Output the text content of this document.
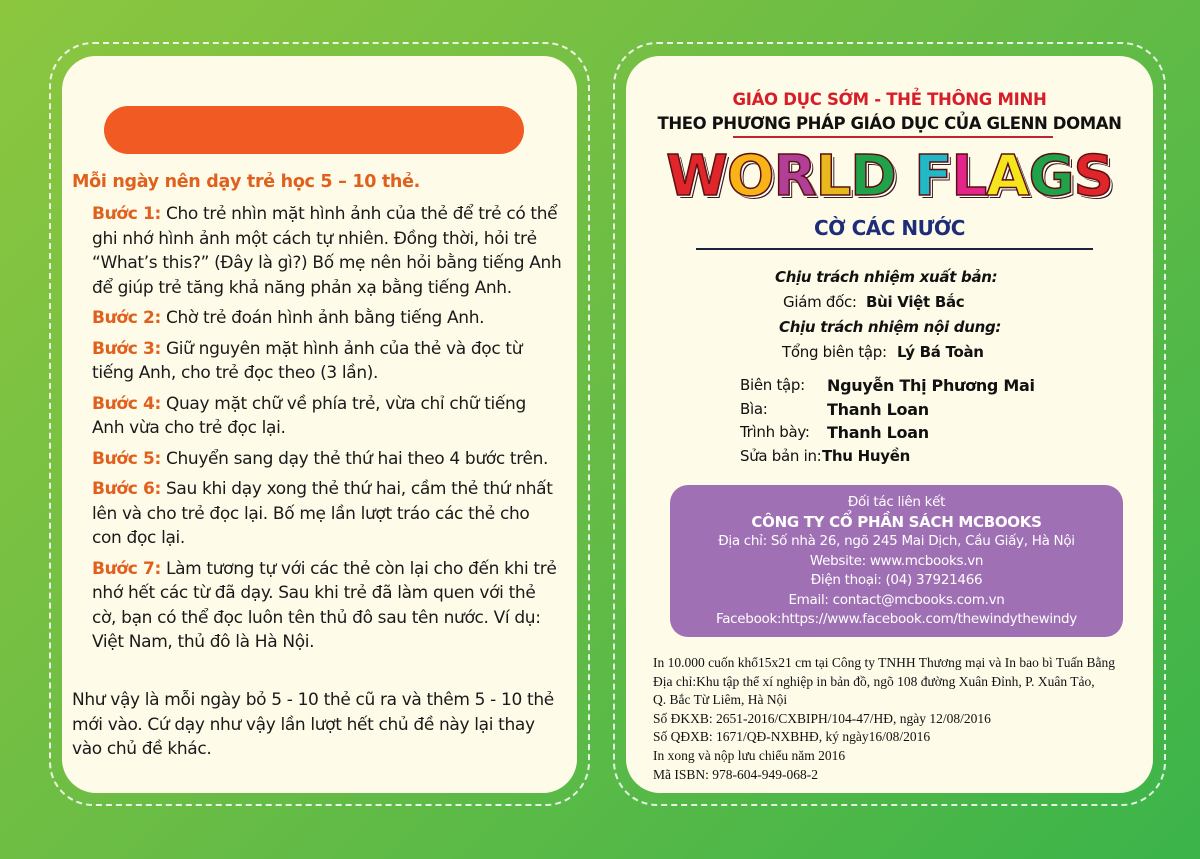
Mỗi ngày nên dạy trẻ học 5 – 10 thẻ.
Bước 1: Cho trẻ nhìn mặt hình ảnh của thẻ để trẻ có thể ghi nhớ hình ảnh một cách tự nhiên. Đồng thời, hỏi trẻ “What’s this?” (Đây là gì?) Bố mẹ nên hỏi bằng tiếng Anh để giúp trẻ tăng khả năng phản xạ bằng tiếng Anh.
Bước 2: Chờ trẻ đoán hình ảnh bằng tiếng Anh.
Bước 3: Giữ nguyên mặt hình ảnh của thẻ và đọc từ tiếng Anh, cho trẻ đọc theo (3 lần).
Bước 4: Quay mặt chữ về phía trẻ, vừa chỉ chữ tiếng Anh vừa cho trẻ đọc lại.
Bước 5: Chuyển sang dạy thẻ thứ hai theo 4 bước trên.
Bước 6: Sau khi dạy xong thẻ thứ hai, cầm thẻ thứ nhất lên và cho trẻ đọc lại. Bố mẹ lần lượt tráo các thẻ cho con đọc lại.
Bước 7: Làm tương tự với các thẻ còn lại cho đến khi trẻ nhớ hết các từ đã dạy. Sau khi trẻ đã làm quen với thẻ cờ, bạn có thể đọc luôn tên thủ đô sau tên nước. Ví dụ: Việt Nam, thủ đô là Hà Nội.
Như vậy là mỗi ngày bỏ 5 - 10 thẻ cũ ra và thêm 5 - 10 thẻ mới vào. Cứ dạy như vậy lần lượt hết chủ đề này lại thay vào chủ đề khác.
GIÁO DỤC SỚM - THẺ THÔNG MINH
THEO PHƯƠNG PHÁP GIÁO DỤC CỦA GLENN DOMAN
WORLD FLAGS
CỜ CÁC NƯỚC
Chịu trách nhiệm xuất bản:
Giám đốc: Bùi Việt Bắc
Chịu trách nhiệm nội dung:
Tổng biên tập: Lý Bá Toàn
Biên tập: Nguyễn Thị Phương Mai
Bìa:	Thanh Loan
Trình bày: Thanh Loan
Sửa bản in: Thu Huyền
Đối tác liên kết
CÔNG TY CỔ PHẦN SÁCH MCBOOKS
Địa chỉ: Số nhà 26, ngõ 245 Mai Dịch, Cầu Giấy, Hà Nội
Website: www.mcbooks.vn
Điện thoại: (04) 37921466
Email: contact@mcbooks.com.vn
Facebook:https://www.facebook.com/thewindythewindy
In 10.000 cuốn khổ15x21 cm tại Công ty TNHH Thương mại và In bao bì Tuấn Bằng
Địa chỉ:Khu tập thể xí nghiệp in bản đồ, ngõ 108 đường Xuân Đỉnh, P. Xuân Tảo,
Q. Bắc Từ Liêm, Hà Nội
Số ĐKXB: 2651-2016/CXBIPH/104-47/HĐ, ngày 12/08/2016
Số QĐXB: 1671/QĐ-NXBHĐ, ký ngày16/08/2016
In xong và nộp lưu chiểu năm 2016
Mã ISBN: 978-604-949-068-2
